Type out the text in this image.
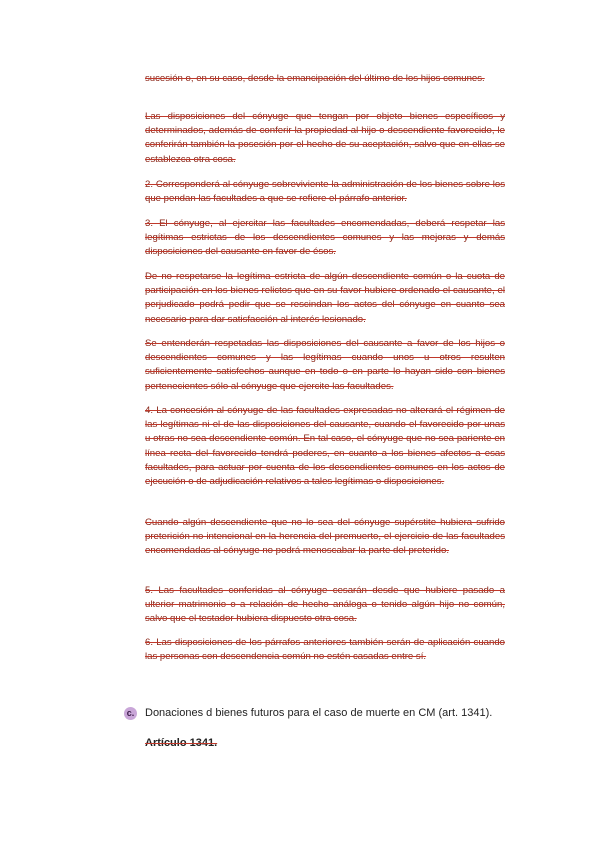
sucesión o, en su caso, desde la emancipación del último de los hijos comunes.

Las disposiciones del cónyuge que tengan por objeto bienes específicos y determinados, además de conferir la propiedad al hijo o descendiente favorecido, le conferirán también la posesión por el hecho de su aceptación, salvo que en ellas se establezca otra cosa.

2. Corresponderá al cónyuge sobreviviente la administración de los bienes sobre los que pendan las facultades a que se refiere el párrafo anterior.

3. El cónyuge, al ejercitar las facultades encomendadas, deberá respetar las legítimas estrictas de los descendientes comunes y las mejoras y demás disposiciones del causante en favor de ésos.

De no respetarse la legítima estricta de algún descendiente común o la cuota de participación en los bienes relictos que en su favor hubiere ordenado el causante, el perjudicado podrá pedir que se rescindan los actos del cónyuge en cuanto sea necesario para dar satisfacción al interés lesionado.

Se entenderán respetadas las disposiciones del causante a favor de los hijos o descendientes comunes y las legítimas cuando unos u otros resulten suficientemente satisfechos aunque en todo o en parte lo hayan sido con bienes pertenecientes sólo al cónyuge que ejercite las facultades.

4. La concesión al cónyuge de las facultades expresadas no alterará el régimen de las legítimas ni el de las disposiciones del causante, cuando el favorecido por unas u otras no sea descendiente común. En tal caso, el cónyuge que no sea pariente en línea recta del favorecido tendrá poderes, en cuanto a los bienes afectos a esas facultades, para actuar por cuenta de los descendientes comunes en los actos de ejecución o de adjudicación relativos a tales legítimas o disposiciones.

Cuando algún descendiente que no lo sea del cónyuge supérstite hubiera sufrido preterición no intencional en la herencia del premuerto, el ejercicio de las facultades encomendadas al cónyuge no podrá menoscabar la parte del preterido.

5. Las facultades conferidas al cónyuge cesarán desde que hubiere pasado a ulterior matrimonio o a relación de hecho análoga o tenido algún hijo no común, salvo que el testador hubiera dispuesto otra cosa.

6. Las disposiciones de los párrafos anteriores también serán de aplicación cuando las personas con descendencia común no estén casadas entre sí.

c. Donaciones d bienes futuros para el caso de muerte en CM (art. 1341).

Artículo 1341.
